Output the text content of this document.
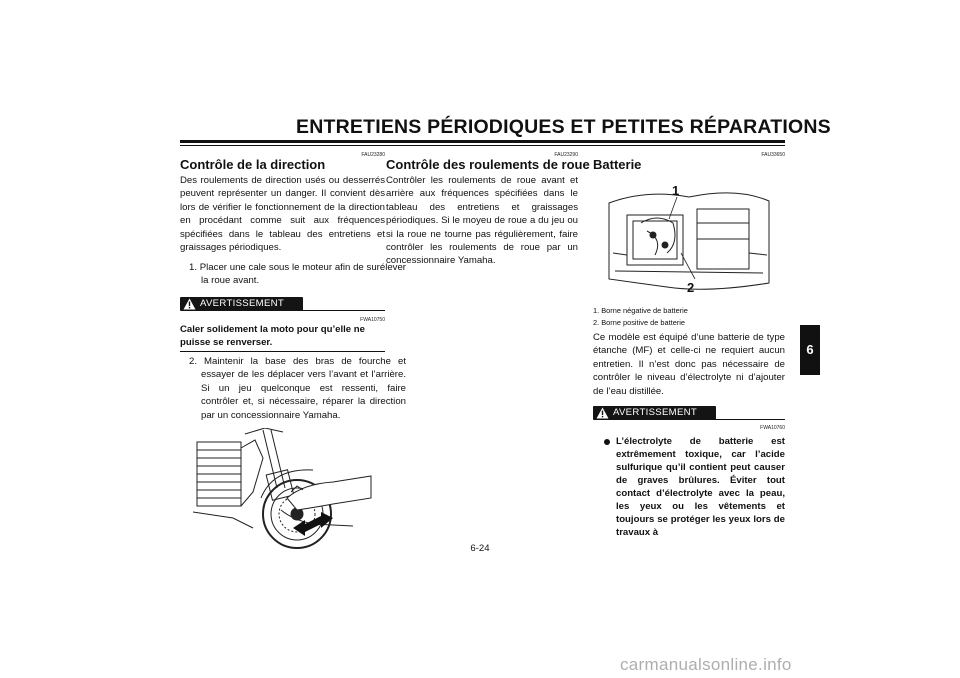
ENTRETIENS PÉRIODIQUES ET PETITES RÉPARATIONS
FAU23280
Contrôle de la direction
Des roulements de direction usés ou desserrés peuvent représenter un danger. Il convient dès lors de vérifier le fonctionnement de la direction en procédant comme suit aux fréquences spécifiées dans le tableau des entretiens et graissages périodiques.
1. Placer une cale sous le moteur afin de surélever la roue avant.
AVERTISSEMENT
FWA10750
Caler solidement la moto pour qu’elle ne puisse se renverser.
2. Maintenir la base des bras de fourche et essayer de les déplacer vers l’avant et l’arrière. Si un jeu quelconque est ressenti, faire contrôler et, si nécessaire, réparer la direction par un concessionnaire Yamaha.
FAU23290
Contrôle des roulements de roue
Contrôler les roulements de roue avant et arrière aux fréquences spécifiées dans le tableau des entretiens et graissages périodiques. Si le moyeu de roue a du jeu ou si la roue ne tourne pas régulièrement, faire contrôler les roulements de roue par un concessionnaire Yamaha.
FAU33650
Batterie
1
2
1. Borne négative de batterie
2. Borne positive de batterie
Ce modèle est équipé d’une batterie de type étanche (MF) et celle-ci ne requiert aucun entretien. Il n’est donc pas nécessaire de contrôler le niveau d’électrolyte ni d’ajouter de l’eau distillée.
AVERTISSEMENT
FWA10760
L’électrolyte de batterie est extrêmement toxique, car l’acide sulfurique qu’il contient peut causer de graves brûlures. Éviter tout contact d’électrolyte avec la peau, les yeux ou les vêtements et toujours se protéger les yeux lors de travaux à
6
6-24
carmanualsonline.info
